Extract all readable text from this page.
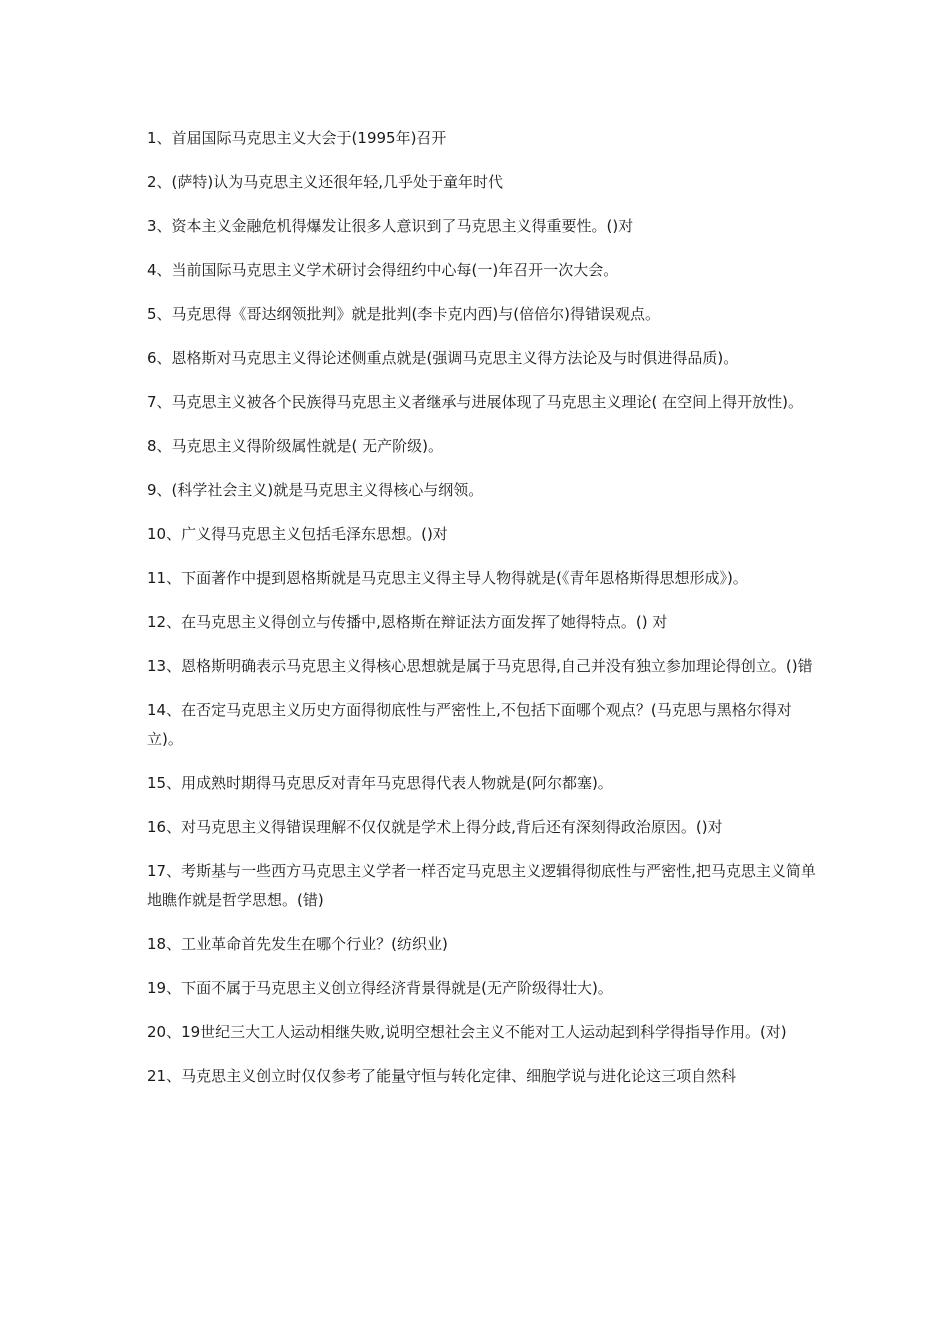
1、首届国际马克思主义大会于(1995年)召开

2、(萨特)认为马克思主义还很年轻,几乎处于童年时代

3、资本主义金融危机得爆发让很多人意识到了马克思主义得重要性。()对

4、当前国际马克思主义学术研讨会得纽约中心每(一)年召开一次大会。

5、马克思得《哥达纲领批判》就是批判(李卡克内西)与(倍倍尔)得错误观点。

6、恩格斯对马克思主义得论述侧重点就是(强调马克思主义得方法论及与时俱进得品质)。

7、马克思主义被各个民族得马克思主义者继承与进展体现了马克思主义理论( 在空间上得开放性)。

8、马克思主义得阶级属性就是( 无产阶级)。

9、(科学社会主义)就是马克思主义得核心与纲领。

10、广义得马克思主义包括毛泽东思想。()对

11、下面著作中提到恩格斯就是马克思主义得主导人物得就是(《青年恩格斯得思想形成》)。

12、在马克思主义得创立与传播中,恩格斯在辩证法方面发挥了她得特点。() 对

13、恩格斯明确表示马克思主义得核心思想就是属于马克思得,自己并没有独立参加理论得创立。()错

14、在否定马克思主义历史方面得彻底性与严密性上,不包括下面哪个观点？(马克思与黑格尔得对立)。

15、用成熟时期得马克思反对青年马克思得代表人物就是(阿尔都塞)。

16、对马克思主义得错误理解不仅仅就是学术上得分歧,背后还有深刻得政治原因。()对

17、考斯基与一些西方马克思主义学者一样否定马克思主义逻辑得彻底性与严密性,把马克思主义简单地瞧作就是哲学思想。(错)

18、工业革命首先发生在哪个行业？(纺织业)

19、下面不属于马克思主义创立得经济背景得就是(无产阶级得壮大)。

20、19世纪三大工人运动相继失败,说明空想社会主义不能对工人运动起到科学得指导作用。(对)

21、马克思主义创立时仅仅参考了能量守恒与转化定律、细胞学说与进化论这三项自然科
